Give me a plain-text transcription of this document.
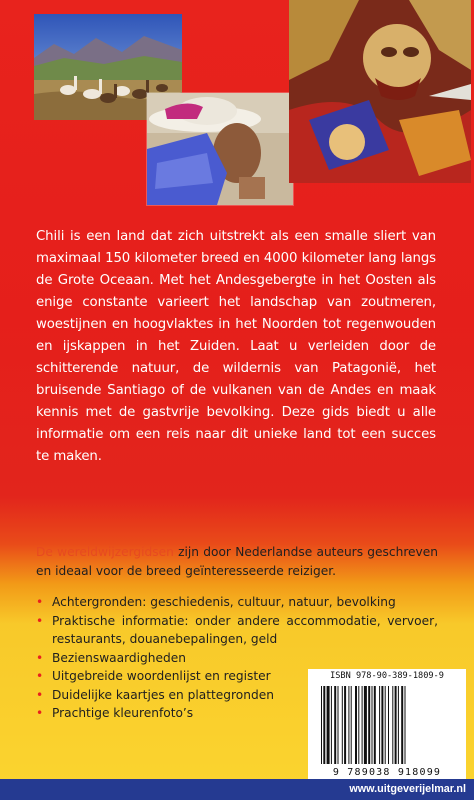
Chili is een land dat zich uitstrekt als een smalle sliert van maximaal 150 kilometer breed en 4000 kilometer lang langs de Grote Oceaan. Met het Andesgebergte in het Oosten als enige constante varieert het landschap van zoutmeren, woestijnen en hoogvlaktes in het Noorden tot regenwouden en ijskappen in het Zuiden. Laat u verleiden door de schitterende natuur, de wildernis van Patagonië, het bruisende Santiago of de vulkanen van de Andes en maak kennis met de gastvrije bevolking. Deze gids biedt u alle informatie om een reis naar dit unieke land tot een succes te maken.

De wereldwijzergidsen zijn door Nederlandse auteurs geschreven en ideaal voor de breed geïnteresseerde reiziger.

• Achtergronden: geschiedenis, cultuur, natuur, bevolking
• Praktische informatie: onder andere accommodatie, vervoer, restaurants, douanebepalingen, geld
• Bezienswaardigheden
• Uitgebreide woordenlijst en register
• Duidelijke kaartjes en plattegronden
• Prachtige kleurenfoto’s
ISBN 978-90-389-1809-9
9 789038 918099
www.uitgeverijelmar.nl
